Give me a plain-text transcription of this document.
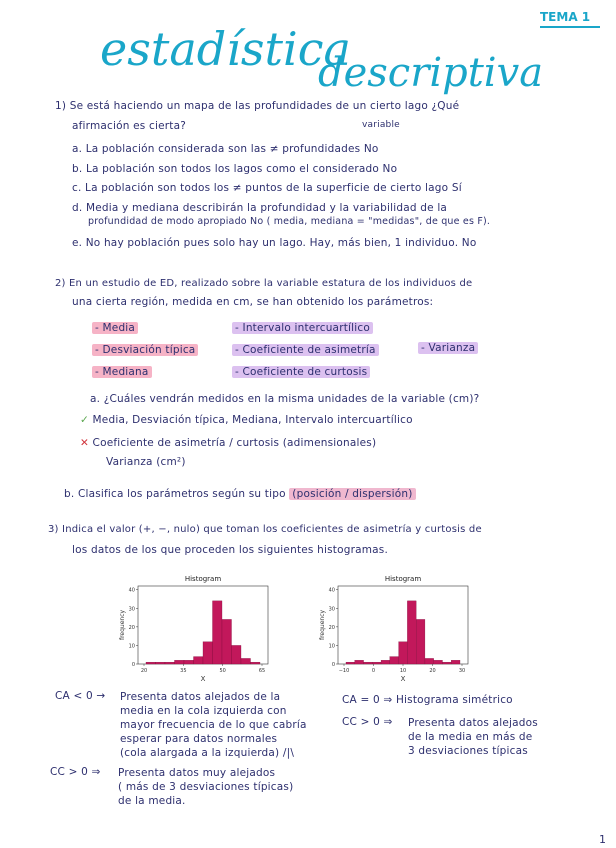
TEMA 1
estadística
descriptiva
1) Se está haciendo un mapa de las profundidades de un cierto lago ¿Qué
afirmación es cierta?	variable
a. La población considerada son las ≠ profundidades No
b. La población son todos los lagos como el considerado No
c. La población son todos los ≠ puntos de la superficie de cierto lago Sí
d. Media y mediana describirán la profundidad y la variabilidad de la
profundidad de modo apropiado No ( media, mediana = "medidas", de que es F).
e. No hay población pues solo hay un lago. Hay, más bien, 1 individuo. No
2) En un estudio de ED, realizado sobre la variable estatura de los individuos de
una cierta región, medida en cm, se han obtenido los parámetros:
- Media
- Desviación típica
- Mediana
- Intervalo intercuartílico
- Coeficiente de asimetría
- Coeficiente de curtosis
- Varianza
a. ¿Cuáles vendrán medidos en la misma unidades de la variable (cm)?
✓ Media, Desviación típica, Mediana, Intervalo intercuartílico
✕ Coeficiente de asimetría / curtosis (adimensionales)
Varianza (cm²)
b. Clasifica los parámetros según su tipo (posición / dispersión)
3) Indica el valor (+, −, nulo) que toman los coeficientes de asimetría y curtosis de
los datos de los que proceden los siguientes histogramas.
Histogram
0
10
20
30
40
frequency
20	35	50	65
X
Histogram
0
10
20
30
40
frequency
−10	0	10	20	30
X
CA < 0 → Presenta datos alejados de la
media en la cola izquierda con
mayor frecuencia de lo que cabría
esperar para datos normales
(cola alargada a la izquierda) /|\
CC > 0 ⇒ Presenta datos muy alejados
( más de 3 desviaciones típicas)
de la media.
CA = 0 ⇒ Histograma simétrico
CC > 0 ⇒ Presenta datos alejados
de la media en más de
3 desviaciones típicas
1
